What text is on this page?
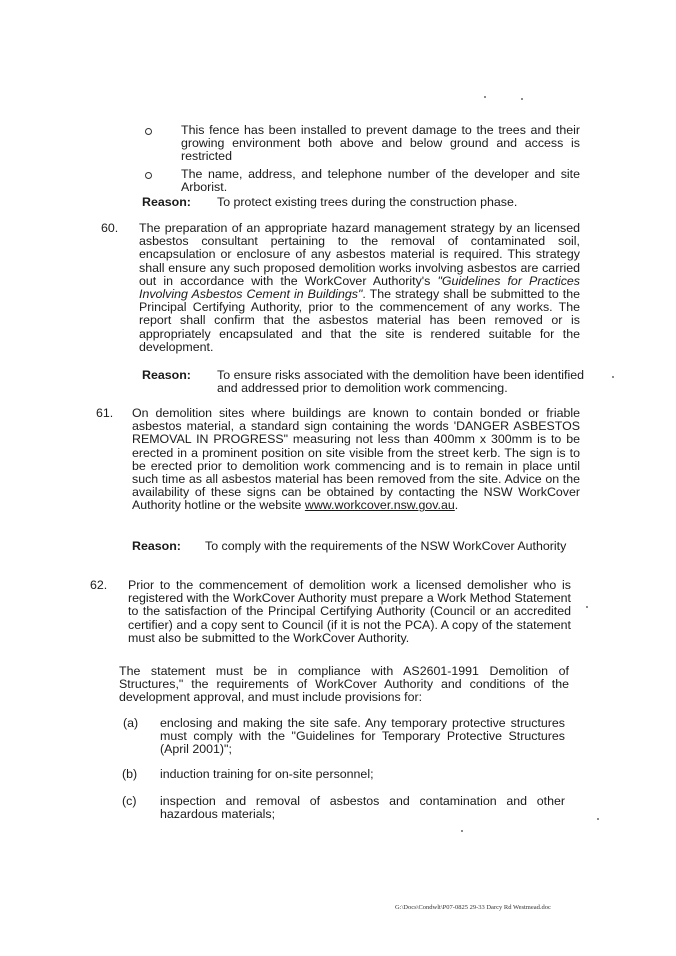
This fence has been installed to prevent damage to the trees and their growing environment both above and below ground and access is restricted

The name, address, and telephone number of the developer and site Arborist.

Reason: To protect existing trees during the construction phase.
60. The preparation of an appropriate hazard management strategy by an licensed asbestos consultant pertaining to the removal of contaminated soil, encapsulation or enclosure of any asbestos material is required. This strategy shall ensure any such proposed demolition works involving asbestos are carried out in accordance with the WorkCover Authority's "Guidelines for Practices Involving Asbestos Cement in Buildings". The strategy shall be submitted to the Principal Certifying Authority, prior to the commencement of any works. The report shall confirm that the asbestos material has been removed or is appropriately encapsulated and that the site is rendered suitable for the development.

Reason: To ensure risks associated with the demolition have been identified and addressed prior to demolition work commencing.

61. On demolition sites where buildings are known to contain bonded or friable asbestos material, a standard sign containing the words 'DANGER ASBESTOS REMOVAL IN PROGRESS" measuring not less than 400mm x 300mm is to be erected in a prominent position on site visible from the street kerb. The sign is to be erected prior to demolition work commencing and is to remain in place until such time as all asbestos material has been removed from the site. Advice on the availability of these signs can be obtained by contacting the NSW WorkCover Authority hotline or the website www.workcover.nsw.gov.au.

Reason: To comply with the requirements of the NSW WorkCover Authority

62. Prior to the commencement of demolition work a licensed demolisher who is registered with the WorkCover Authority must prepare a Work Method Statement to the satisfaction of the Principal Certifying Authority (Council or an accredited certifier) and a copy sent to Council (if it is not the PCA). A copy of the statement must also be submitted to the WorkCover Authority.

The statement must be in compliance with AS2601-1991 Demolition of Structures," the requirements of WorkCover Authority and conditions of the development approval, and must include provisions for:

(a) enclosing and making the site safe. Any temporary protective structures must comply with the "Guidelines for Temporary Protective Structures (April 2001)";

(b) induction training for on-site personnel;

(c) inspection and removal of asbestos and contamination and other hazardous materials;

G:\Docs\Condwlt\P07-0825 29-33 Darcy Rd Westmead.doc
